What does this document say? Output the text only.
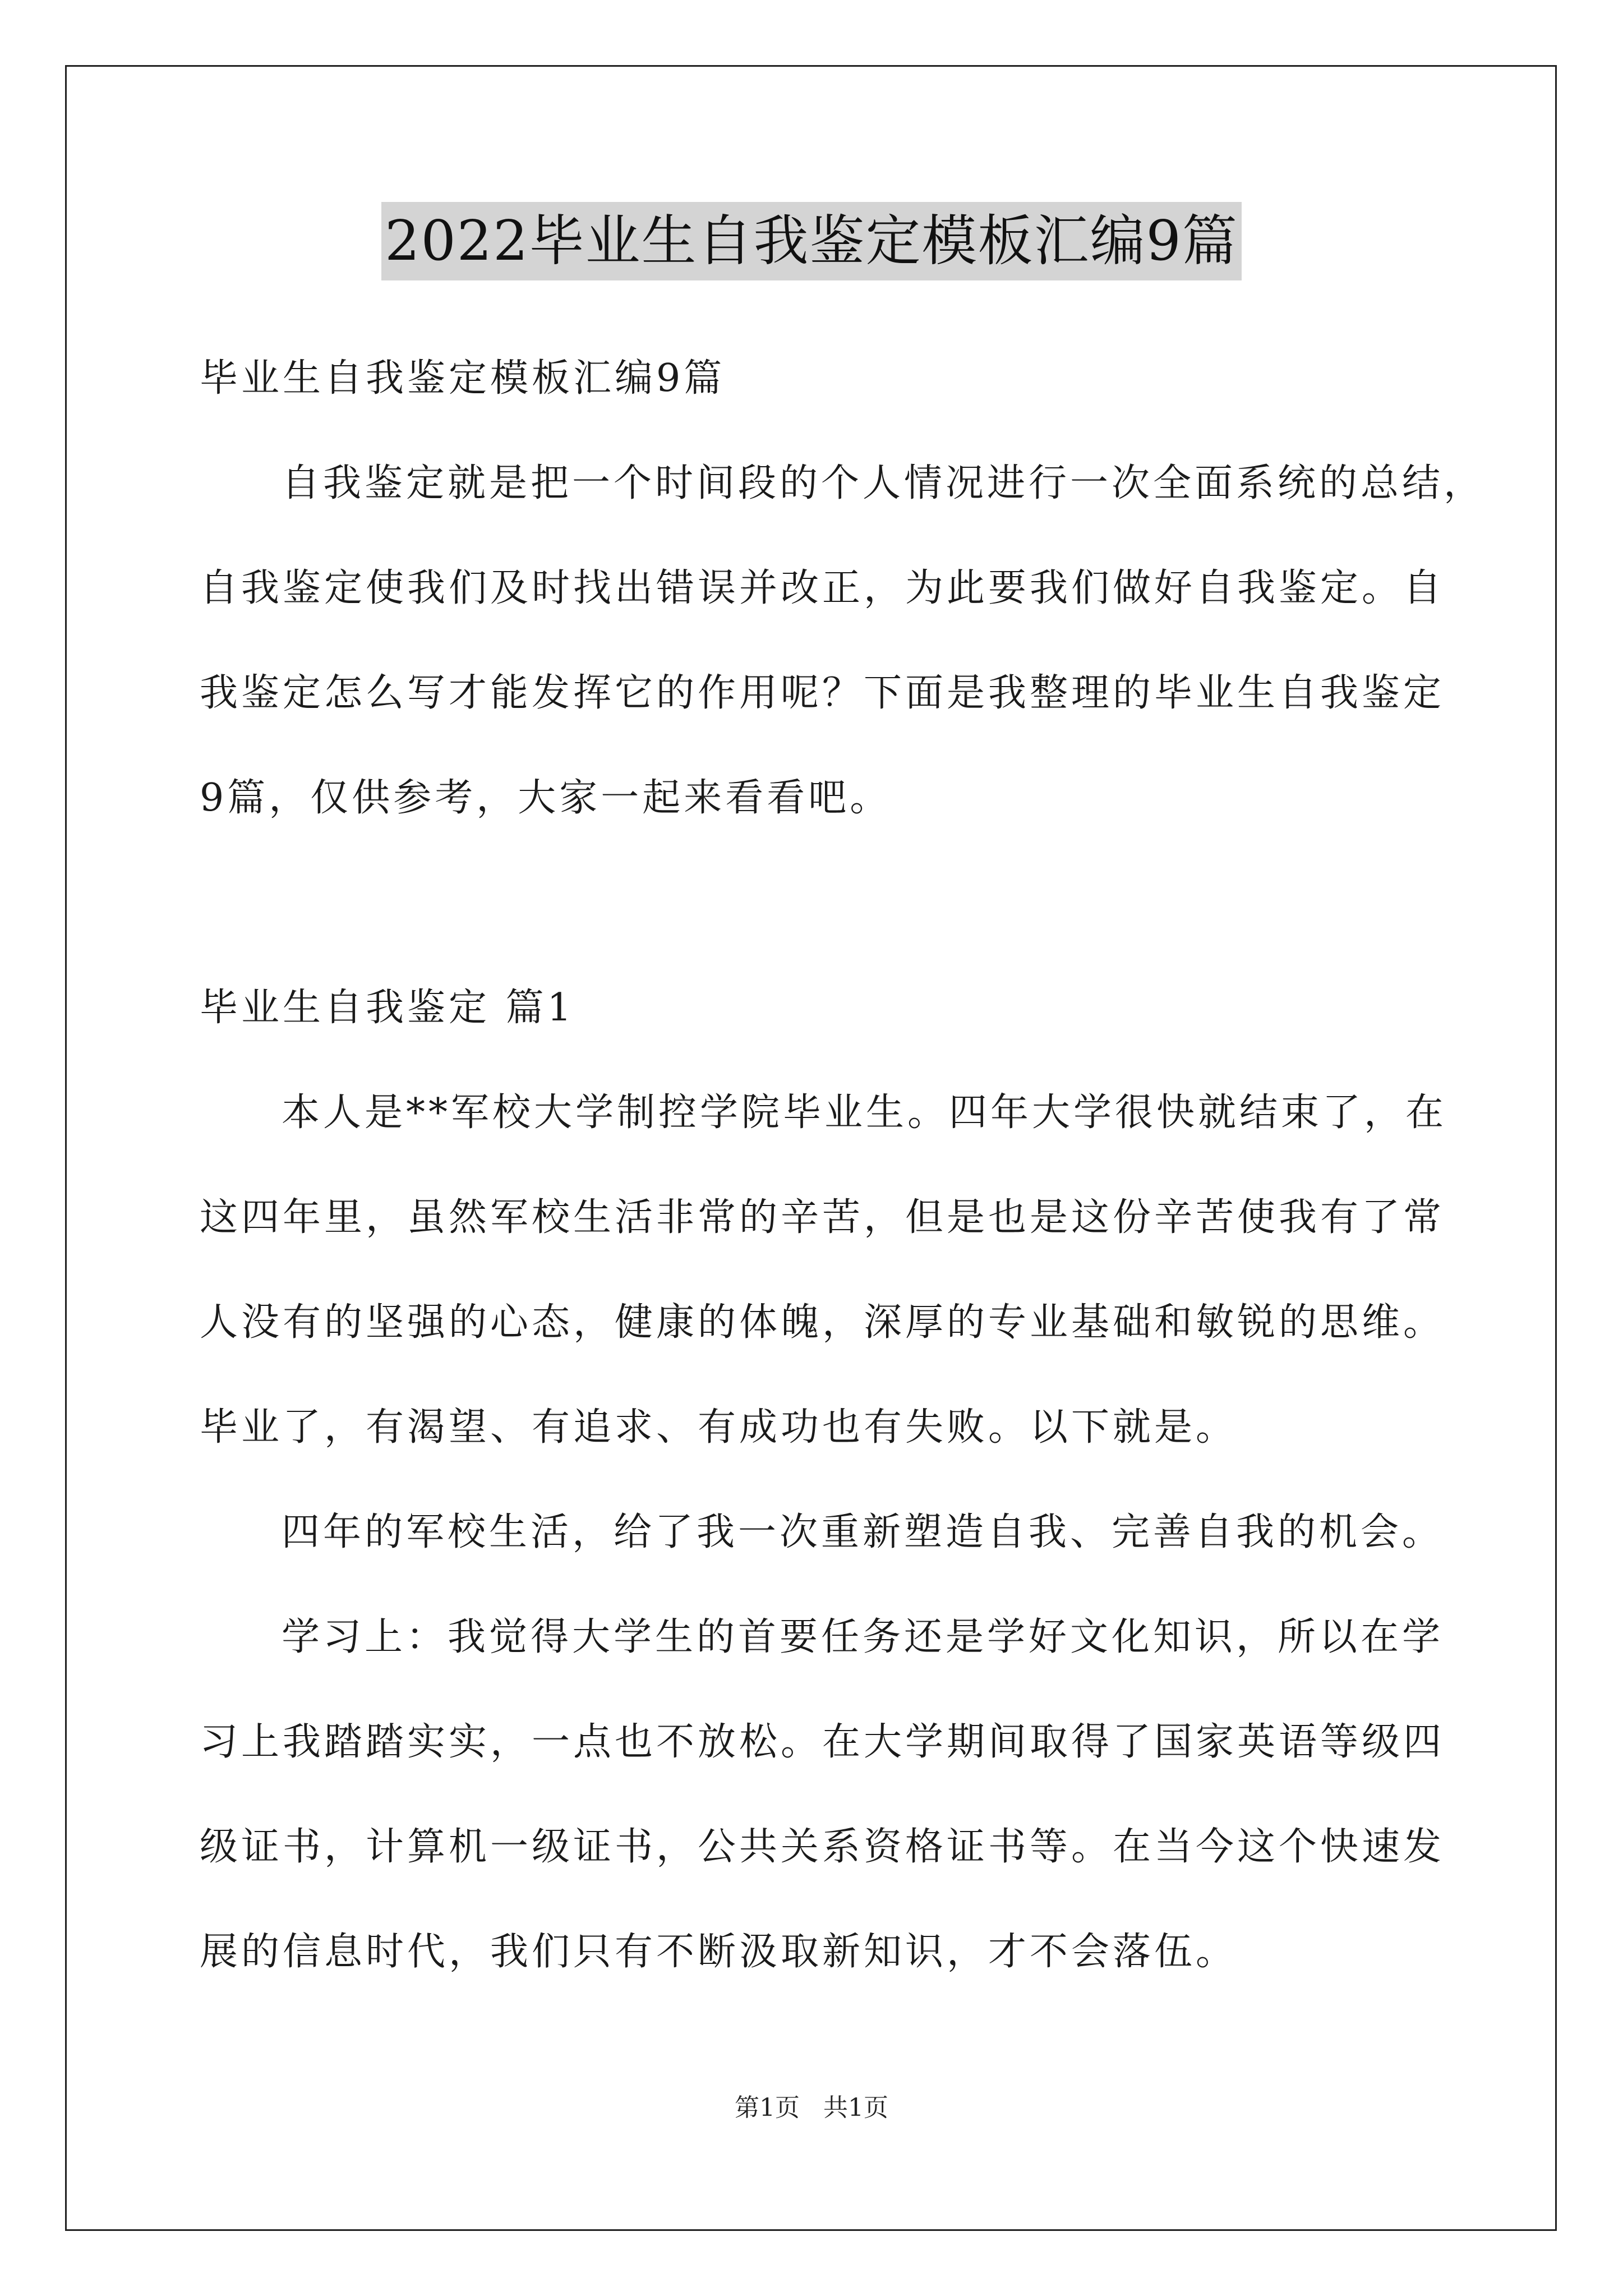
2022毕业生自我鉴定模板汇编9篇
毕业生自我鉴定模板汇编9篇
自我鉴定就是把一个时间段的个人情况进行一次全面系统的总结，
自我鉴定使我们及时找出错误并改正，为此要我们做好自我鉴定。自
我鉴定怎么写才能发挥它的作用呢？下面是我整理的毕业生自我鉴定
9篇，仅供参考，大家一起来看看吧。
毕业生自我鉴定 篇1
本人是**军校大学制控学院毕业生。四年大学很快就结束了，在
这四年里，虽然军校生活非常的辛苦，但是也是这份辛苦使我有了常
人没有的坚强的心态，健康的体魄，深厚的专业基础和敏锐的思维。
毕业了，有渴望、有追求、有成功也有失败。以下就是。
四年的军校生活，给了我一次重新塑造自我、完善自我的机会。
学习上：我觉得大学生的首要任务还是学好文化知识，所以在学
习上我踏踏实实，一点也不放松。在大学期间取得了国家英语等级四
级证书，计算机一级证书，公共关系资格证书等。在当今这个快速发
展的信息时代，我们只有不断汲取新知识，才不会落伍。
第1页   共1页
